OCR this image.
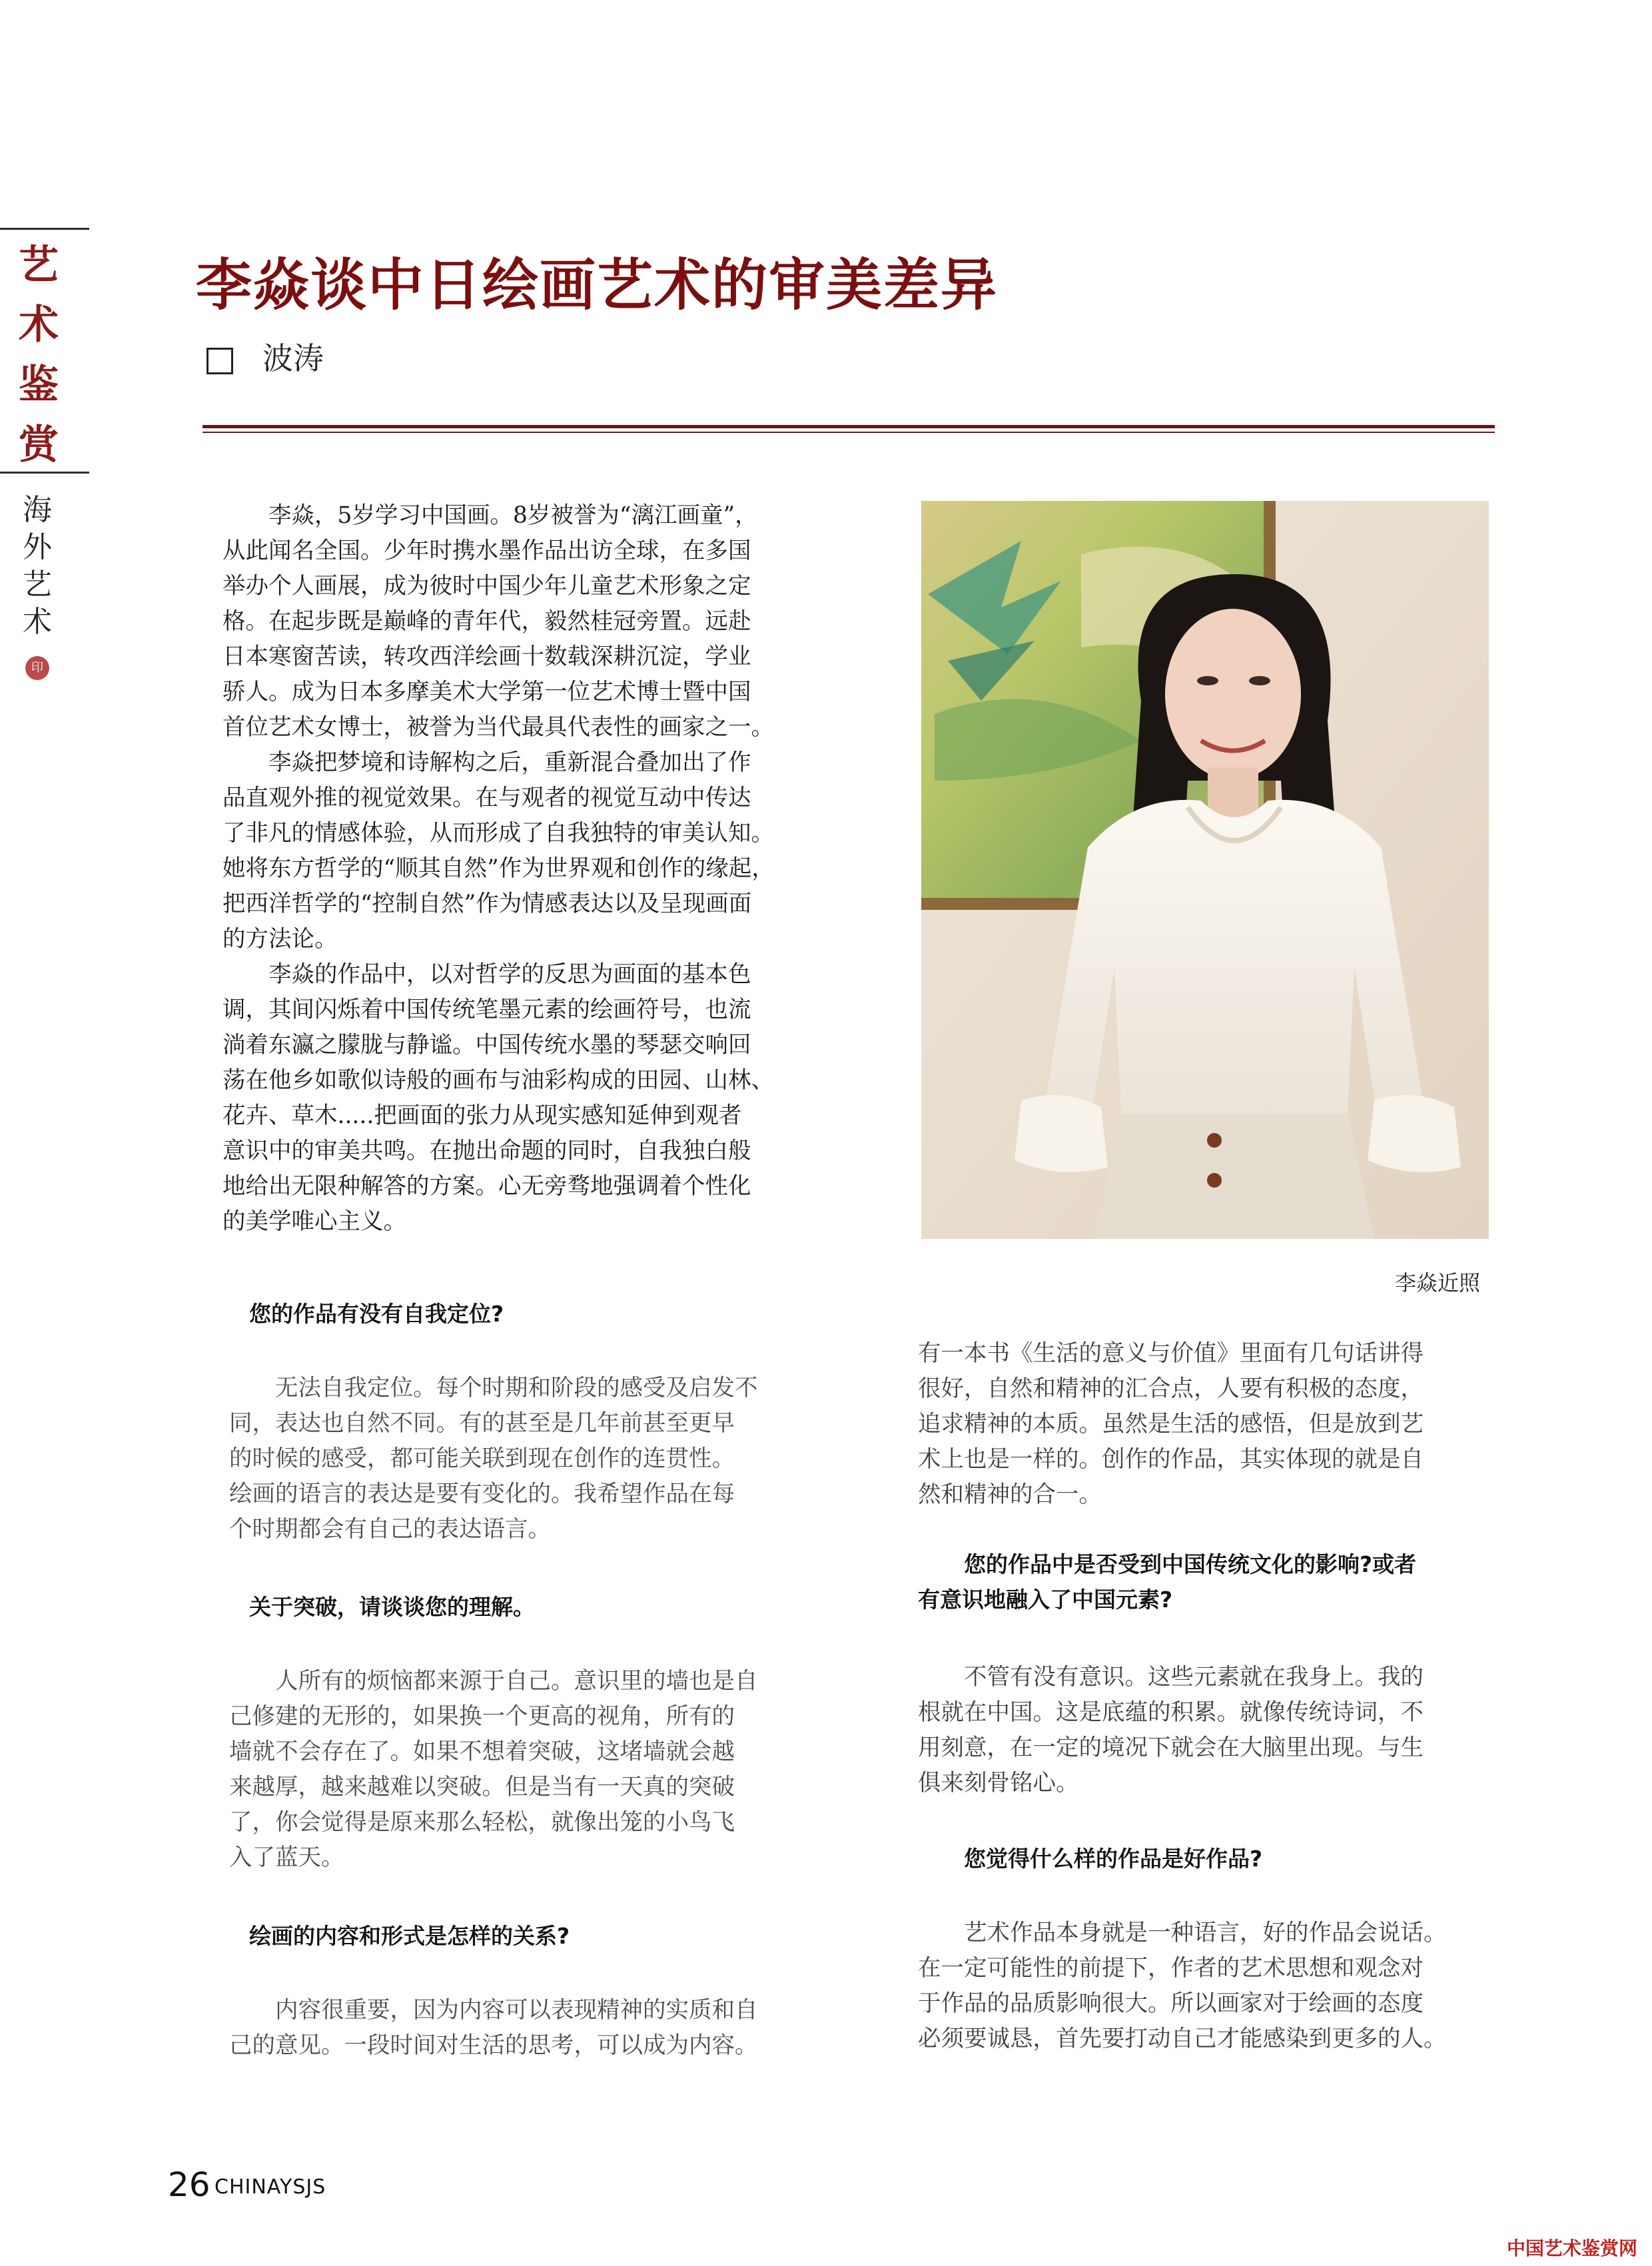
艺
术
鉴
赏
海
外
艺
术
印
李焱谈中日绘画艺术的审美差异
波涛
李焱，5岁学习中国画。8岁被誉为“漓江画童”，
从此闻名全国。少年时携水墨作品出访全球，在多国
举办个人画展，成为彼时中国少年儿童艺术形象之定
格。在起步既是巅峰的青年代，毅然桂冠旁置。远赴
日本寒窗苦读，转攻西洋绘画十数载深耕沉淀，学业
骄人。成为日本多摩美术大学第一位艺术博士暨中国
首位艺术女博士，被誉为当代最具代表性的画家之一。
李焱把梦境和诗解构之后，重新混合叠加出了作
品直观外推的视觉效果。在与观者的视觉互动中传达
了非凡的情感体验，从而形成了自我独特的审美认知。
她将东方哲学的“顺其自然”作为世界观和创作的缘起，
把西洋哲学的“控制自然”作为情感表达以及呈现画面
的方法论。
李焱的作品中，以对哲学的反思为画面的基本色
调，其间闪烁着中国传统笔墨元素的绘画符号，也流
淌着东瀛之朦胧与静谧。中国传统水墨的琴瑟交响回
荡在他乡如歌似诗般的画布与油彩构成的田园、山林、
花卉、草木.....把画面的张力从现实感知延伸到观者
意识中的审美共鸣。在抛出命题的同时，自我独白般
地给出无限种解答的方案。心无旁骛地强调着个性化
的美学唯心主义。
李焱近照

您的作品有没有自我定位?

无法自我定位。每个时期和阶段的感受及启发不
同，表达也自然不同。有的甚至是几年前甚至更早
的时候的感受，都可能关联到现在创作的连贯性。
绘画的语言的表达是要有变化的。我希望作品在每
个时期都会有自己的表达语言。

关于突破，请谈谈您的理解。

人所有的烦恼都来源于自己。意识里的墙也是自
己修建的无形的，如果换一个更高的视角，所有的
墙就不会存在了。如果不想着突破，这堵墙就会越
来越厚，越来越难以突破。但是当有一天真的突破
了，你会觉得是原来那么轻松，就像出笼的小鸟飞
入了蓝天。

绘画的内容和形式是怎样的关系?

内容很重要，因为内容可以表现精神的实质和自
己的意见。一段时间对生活的思考，可以成为内容。
有一本书《生活的意义与价值》里面有几句话讲得
很好，自然和精神的汇合点，人要有积极的态度，
追求精神的本质。虽然是生活的感悟，但是放到艺
术上也是一样的。创作的作品，其实体现的就是自
然和精神的合一。
您的作品中是否受到中国传统文化的影响?或者
有意识地融入了中国元素?
不管有没有意识。这些元素就在我身上。我的
根就在中国。这是底蕴的积累。就像传统诗词，不
用刻意，在一定的境况下就会在大脑里出现。与生
俱来刻骨铭心。
您觉得什么样的作品是好作品?
艺术作品本身就是一种语言，好的作品会说话。
在一定可能性的前提下，作者的艺术思想和观念对
于作品的品质影响很大。所以画家对于绘画的态度
必须要诚恳，首先要打动自己才能感染到更多的人。
26 CHINAYSJS
中国艺术鉴赏网
